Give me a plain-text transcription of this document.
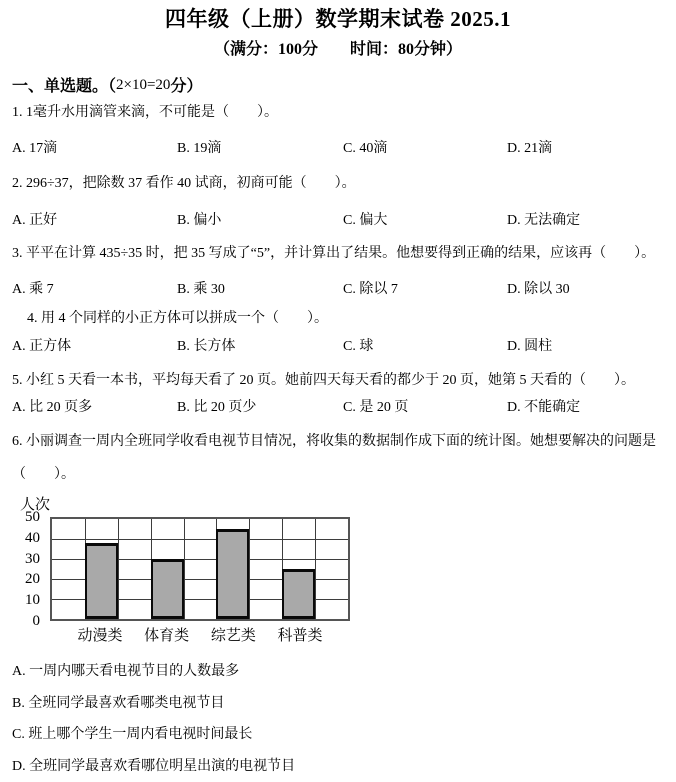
四年级（上册）数学期末试卷 2025.1
（满分：100分　　时间：80分钟）
一、单选题。（2×10=20分）

1. 1毫升水用滴管来滴，不可能是（　　）。

A. 17滴	B. 19滴	C. 40滴	D. 21滴

2. 296÷37，把除数 37 看作 40 试商，初商可能（　　）。

A. 正好	B. 偏小	C. 偏大	D. 无法确定

3. 平平在计算 435÷35 时，把 35 写成了“5”，并计算出了结果。他想要得到正确的结果，应该再（　　）。

A. 乘 7	B. 乘 30	C. 除以 7	D. 除以 30

4. 用 4 个同样的小正方体可以拼成一个（　　）。

A. 正方体	B. 长方体	C. 球	D. 圆柱

5. 小红 5 天看一本书，平均每天看了 20 页。她前四天每天看的都少于 20 页，她第 5 天看的（　　）。

A. 比 20 页多	B. 比 20 页少	C. 是 20 页	D. 不能确定

6. 小丽调查一周内全班同学收看电视节目情况，将收集的数据制作成下面的统计图。她想要解决的问题是（　　）。

人次
0
10
20
30
40
50
动漫类 体育类 综艺类 科普类

A. 一周内哪天看电视节目的人数最多

B. 全班同学最喜欢看哪类电视节目

C. 班上哪个学生一周内看电视时间最长

D. 全班同学最喜欢看哪位明星出演的电视节目
